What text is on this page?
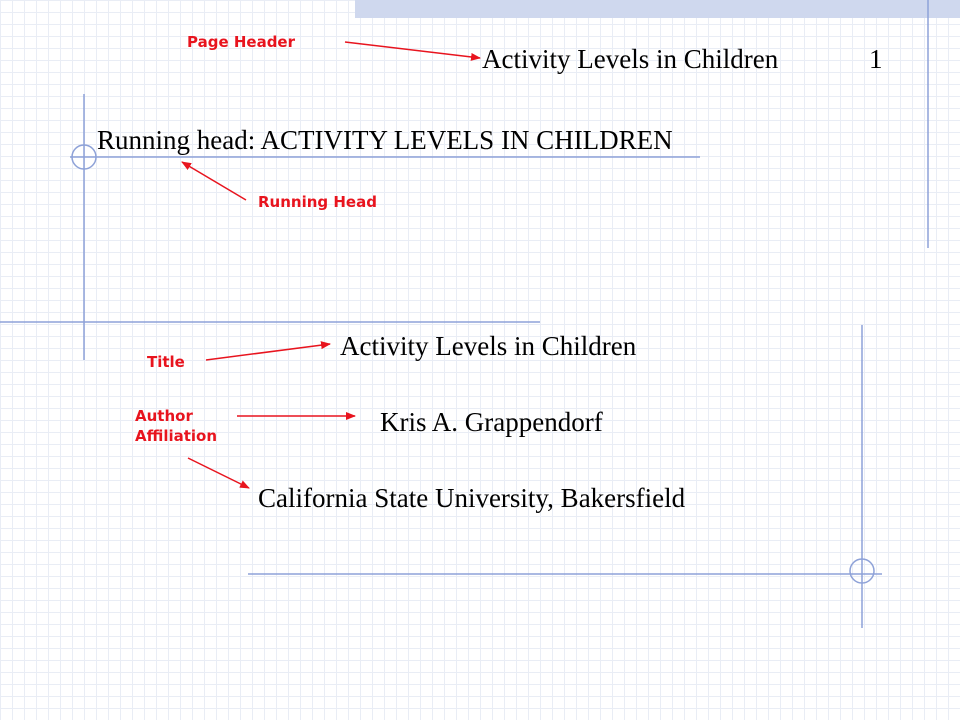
Activity Levels in Children	1
Running head: ACTIVITY LEVELS IN CHILDREN
Activity Levels in Children
Kris A. Grappendorf
California State University, Bakersfield
Page Header
Running Head
Title
Author
Affiliation
